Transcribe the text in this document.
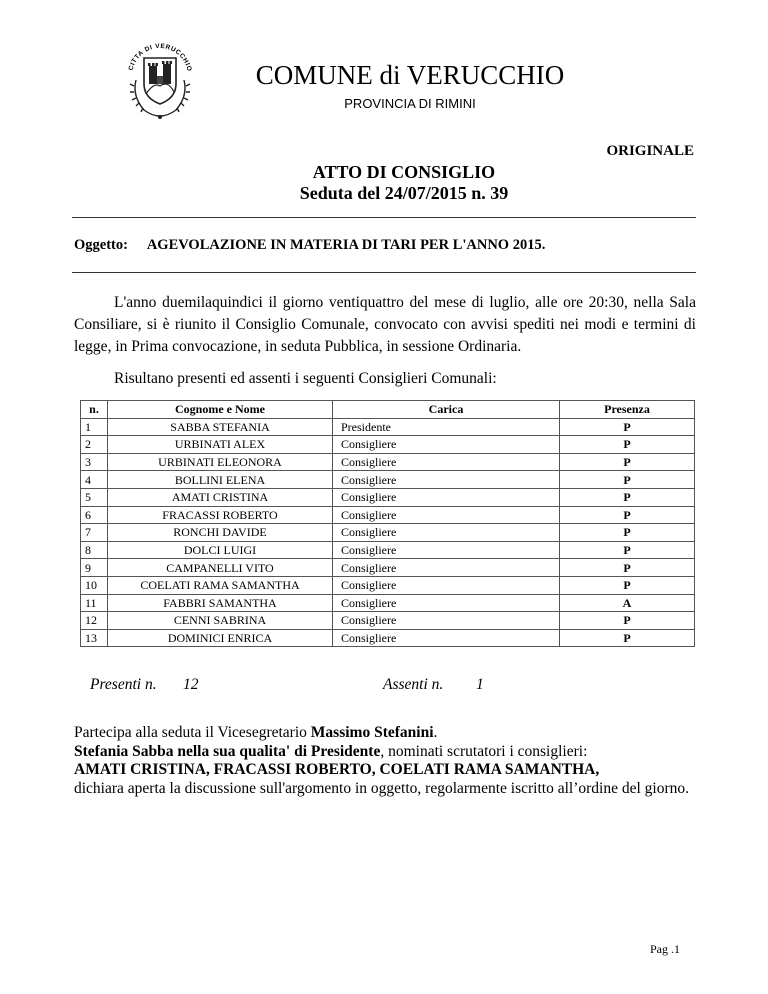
CITTA DI VERUCCHIO	COMUNE di VERUCCHIO
PROVINCIA DI RIMINI
ORIGINALE
ATTO DI CONSIGLIO
Seduta del 24/07/2015 n. 39
Oggetto: AGEVOLAZIONE IN MATERIA DI TARI PER L'ANNO 2015.

L'anno duemilaquindici il giorno ventiquattro del mese di luglio, alle ore 20:30, nella Sala Consiliare, si è riunito il Consiglio Comunale, convocato con avvisi spediti nei modi e termini di legge, in Prima convocazione, in seduta Pubblica, in sessione Ordinaria.

Risultano presenti ed assenti i seguenti Consiglieri Comunali:
n.	Cognome e Nome	Carica	Presenza
1	SABBA STEFANIA	Presidente	P
2	URBINATI ALEX	Consigliere	P
3	URBINATI ELEONORA	Consigliere	P
4	BOLLINI ELENA	Consigliere	P
5	AMATI CRISTINA	Consigliere	P
6	FRACASSI ROBERTO	Consigliere	P
7	RONCHI DAVIDE	Consigliere	P
8	DOLCI LUIGI	Consigliere	P
9	CAMPANELLI VITO	Consigliere	P
10	COELATI RAMA SAMANTHA	Consigliere	P
11	FABBRI SAMANTHA	Consigliere	A
12	CENNI SABRINA	Consigliere	P
13	DOMINICI ENRICA	Consigliere	P
Presenti n. 12	Assenti n. 1
Partecipa alla seduta il Vicesegretario Massimo Stefanini.
Stefania Sabba nella sua qualita' di Presidente, nominati scrutatori i consiglieri:
AMATI CRISTINA, FRACASSI ROBERTO, COELATI RAMA SAMANTHA,
dichiara aperta la discussione sull'argomento in oggetto, regolarmente iscritto all’ordine del giorno.
Pag .1
